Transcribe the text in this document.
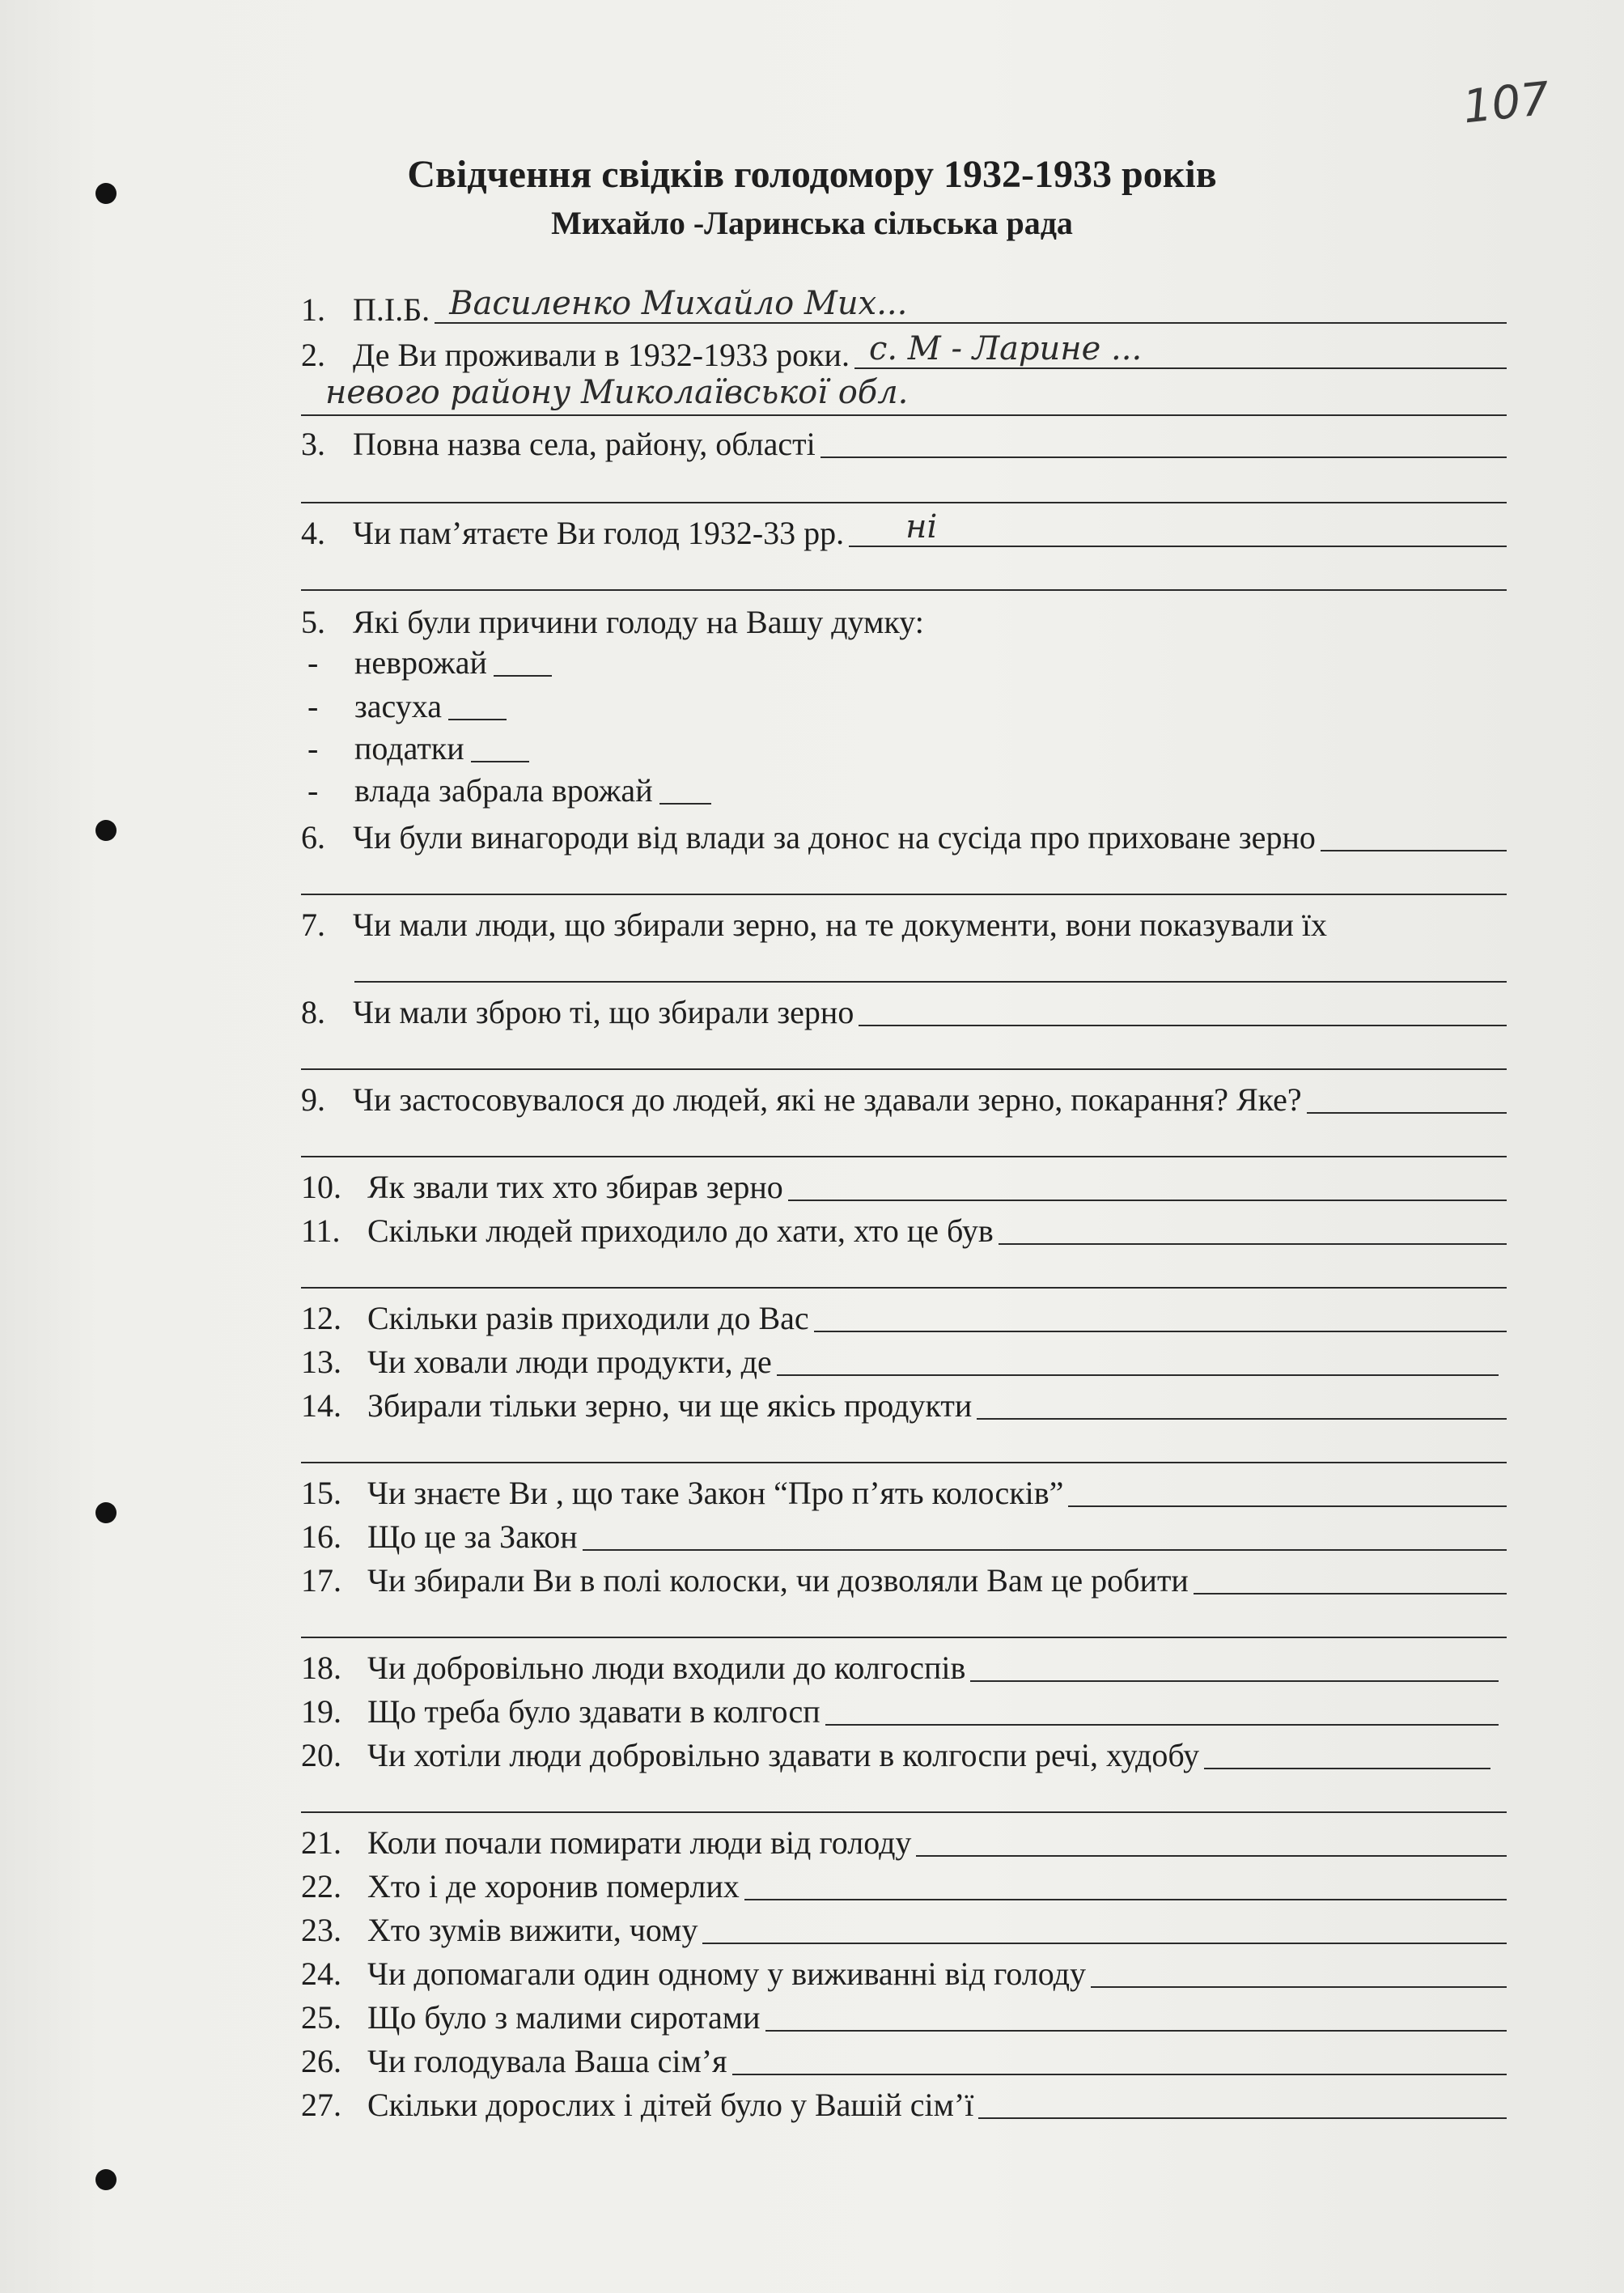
107
Свідчення свідків голодомору 1932-1933 років
Михайло -Ларинська сільська рада
1. П.І.Б. Василенко Михайло Мих...
2. Де Ви проживали в 1932-1933 роки. с. М - Ларине ...
невого району Миколаївської обл.
3. Повна назва села, району, області
4. Чи пам’ятаєте Ви голод 1932-33 рр. ні
5. Які були причини голоду на Вашу думку:
-	неврожай
-	засуха
-	податки
-	влада забрала врожай
6. Чи були винагороди від влади за донос на сусіда про приховане зерно
7. Чи мали люди, що збирали зерно, на те документи, вони показували їх
8. Чи мали зброю ті, що збирали зерно
9. Чи застосовувалося до людей, які не здавали зерно, покарання? Яке?
10. Як звали тих хто збирав зерно
11. Скільки людей приходило до хати, хто це був
12. Скільки разів приходили до Вас
13. Чи ховали люди продукти, де
14. Збирали тільки зерно, чи ще якісь продукти
15. Чи знаєте Ви , що таке Закон “Про п’ять колосків”
16. Що це за Закон
17. Чи збирали Ви в полі колоски, чи дозволяли Вам це робити
18. Чи добровільно люди входили до колгоспів
19. Що треба було здавати в колгосп
20. Чи хотіли люди добровільно здавати в колгоспи речі, худобу
21. Коли почали помирати люди від голоду
22. Хто і де хоронив померлих
23. Хто зумів вижити, чому
24. Чи допомагали один одному у виживанні від голоду
25. Що було з малими сиротами
26. Чи голодувала Ваша сім’я
27. Скільки дорослих і дітей було у Вашій сім’ї
